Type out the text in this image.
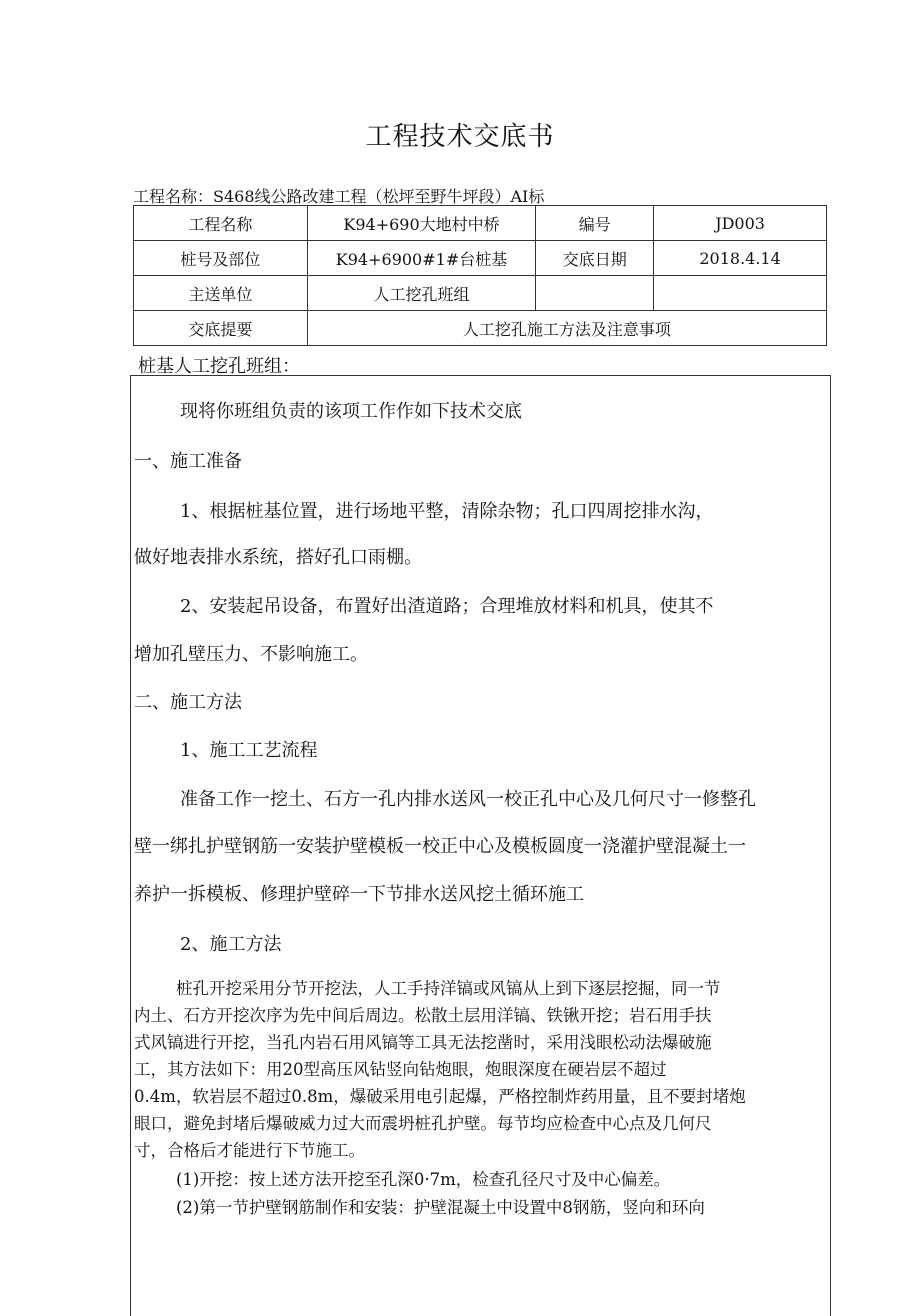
工程技术交底书
工程名称：S468线公路改建工程（松坪至野牛坪段）AI标
工程名称	K94+690大地村中桥	编号	JD003
桩号及部位	K94+6900#1#台桩基	交底日期	2018.4.14
主送单位	人工挖孔班组		
交底提要	人工挖孔施工方法及注意事项		
桩基人工挖孔班组：
现将你班组负责的该项工作作如下技术交底
一、施工准备
1、根据桩基位置，进行场地平整，清除杂物；孔口四周挖排水沟，
做好地表排水系统，搭好孔口雨棚。
2、安装起吊设备，布置好出渣道路；合理堆放材料和机具，使其不
增加孔壁压力、不影响施工。
二、施工方法
1、施工工艺流程
准备工作一挖土、石方一孔内排水送风一校正孔中心及几何尺寸一修整孔
壁一绑扎护壁钢筋一安装护壁模板一校正中心及模板圆度一浇灌护壁混凝土一
养护一拆模板、修理护壁碎一下节排水送风挖土循环施工
2、施工方法
桩孔开挖采用分节开挖法，人工手持洋镐或风镐从上到下逐层挖掘，同一节
内土、石方开挖次序为先中间后周边。松散土层用洋镐、铁锹开挖；岩石用手扶
式风镐进行开挖，当孔内岩石用风镐等工具无法挖凿时，采用浅眼松动法爆破施
工，其方法如下：用20型高压风钻竖向钻炮眼，炮眼深度在硬岩层不超过
0.4m，软岩层不超过0.8m，爆破采用电引起爆，严格控制炸药用量，且不要封堵炮
眼口，避免封堵后爆破威力过大而震坍桩孔护壁。每节均应检查中心点及几何尺
寸，合格后才能进行下节施工。
(1)开挖：按上述方法开挖至孔深0·7m，检查孔径尺寸及中心偏差。
(2)第一节护壁钢筋制作和安装：护壁混凝土中设置中8钢筋，竖向和环向
